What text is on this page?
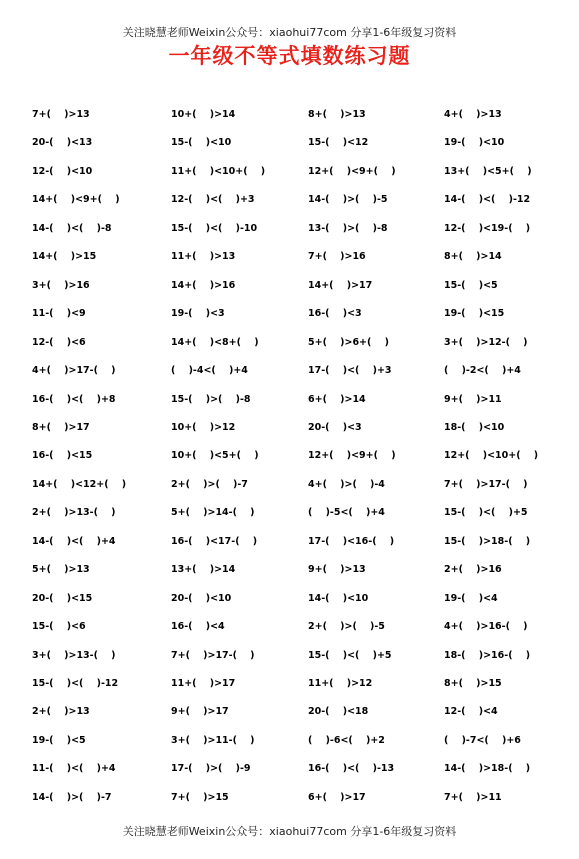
关注晓慧老师Weixin公众号：xiaohui77com 分享1-6年级复习资料
一年级不等式填数练习题
7+(    )>13	10+(    )>14	8+(    )>13	4+(    )>13
20-(    )<13	15-(    )<10	15-(    )<12	19-(    )<10
12-(    )<10	11+(    )<10+(    )	12+(    )<9+(    )	13+(    )<5+(    )
14+(    )<9+(    )	12-(    )<(    )+3	14-(    )>(    )-5	14-(    )<(    )-12
14-(    )<(    )-8	15-(    )<(    )-10	13-(    )>(    )-8	12-(    )<19-(    )
14+(    )>15	11+(    )>13	7+(    )>16	8+(    )>14
3+(    )>16	14+(    )>16	14+(    )>17	15-(    )<5
11-(    )<9	19-(    )<3	16-(    )<3	19-(    )<15
12-(    )<6	14+(    )<8+(    )	5+(    )>6+(    )	3+(    )>12-(    )
4+(    )>17-(    )	(    )-4<(    )+4	17-(    )<(    )+3	(    )-2<(    )+4
16-(    )<(    )+8	15-(    )>(    )-8	6+(    )>14	9+(    )>11
8+(    )>17	10+(    )>12	20-(    )<3	18-(    )<10
16-(    )<15	10+(    )<5+(    )	12+(    )<9+(    )	12+(    )<10+(    )
14+(    )<12+(    )	2+(    )>(    )-7	4+(    )>(    )-4	7+(    )>17-(    )
2+(    )>13-(    )	5+(    )>14-(    )	(    )-5<(    )+4	15-(    )<(    )+5
14-(    )<(    )+4	16-(    )<17-(    )	17-(    )<16-(    )	15-(    )>18-(    )
5+(    )>13	13+(    )>14	9+(    )>13	2+(    )>16
20-(    )<15	20-(    )<10	14-(    )<10	19-(    )<4
15-(    )<6	16-(    )<4	2+(    )>(    )-5	4+(    )>16-(    )
3+(    )>13-(    )	7+(    )>17-(    )	15-(    )<(    )+5	18-(    )>16-(    )
15-(    )<(    )-12	11+(    )>17	11+(    )>12	8+(    )>15
2+(    )>13	9+(    )>17	20-(    )<18	12-(    )<4
19-(    )<5	3+(    )>11-(    )	(    )-6<(    )+2	(    )-7<(    )+6
11-(    )<(    )+4	17-(    )>(    )-9	16-(    )<(    )-13	14-(    )>18-(    )
14-(    )>(    )-7	7+(    )>15	6+(    )>17	7+(    )>11
关注晓慧老师Weixin公众号：xiaohui77com 分享1-6年级复习资料
